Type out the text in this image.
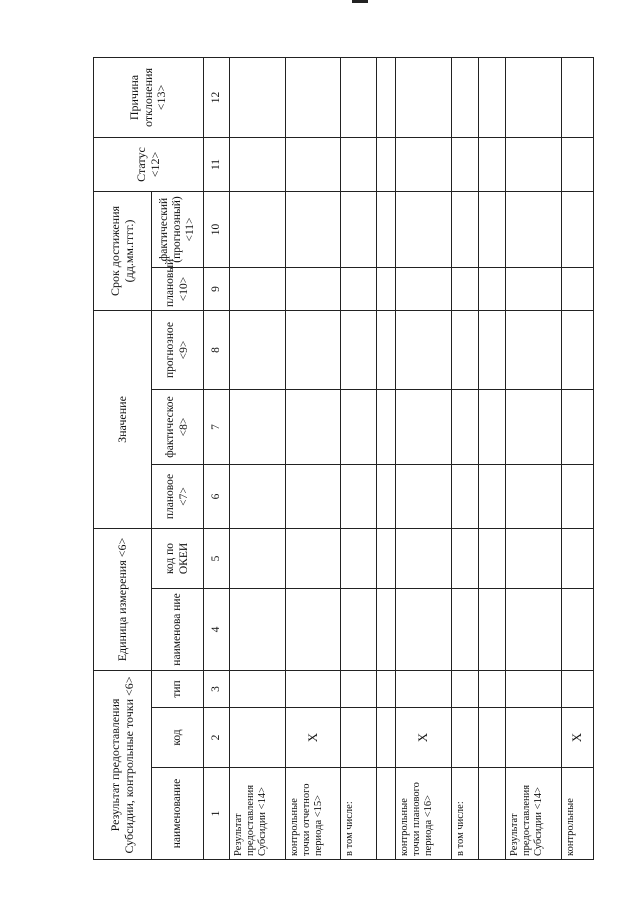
Результат предоставления Субсидии, контрольные точки <6>			Единица измерения <6>		Значение			Срок достижения (дд.мм.гггг.)		Статус <12>	Причина отклонения <13>
наименование	код	тип	наименова ние	код по ОКЕИ	плановое <7>	фактическое <8>	прогнозное <9>	плановый <10>	фактический (прогнозный) <11>		
1	2	3	4	5	6	7	8	9	10	11	12
Результат предоставления Субсидии <14>											
контрольные точки отчетного периода <15>	X										
в том числе:											

контрольные точки планового периода <16>	X										
в том числе:											

Результат предоставления Субсидии <14>											
контрольные	X										
